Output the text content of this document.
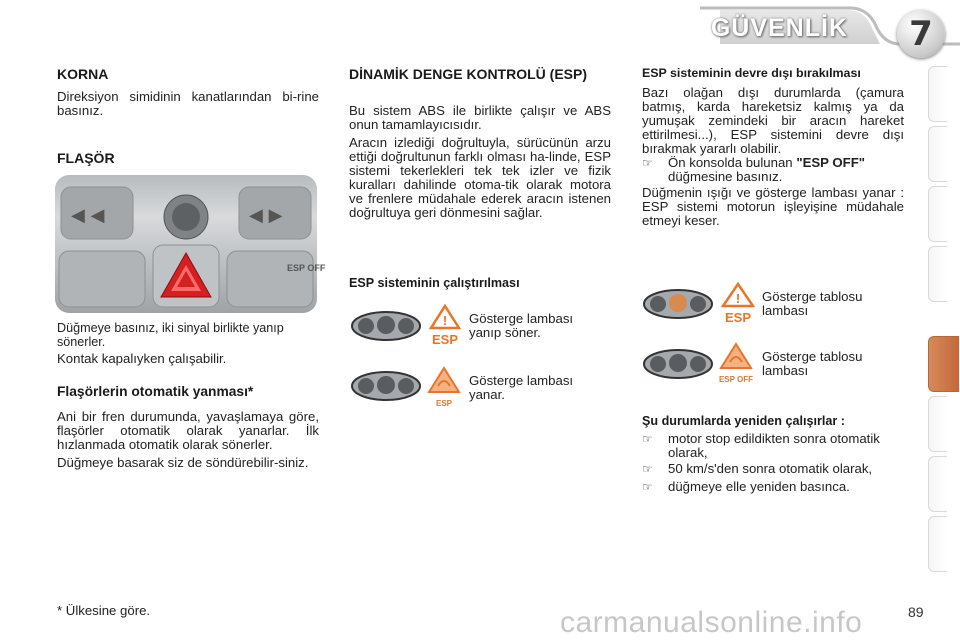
GÜVENLİK 7
KORNA
Direksiyon simidinin kanatlarından bi-rine basınız.
FLAŞÖR
◀ ◀	◀ ▶
ESP OFF
Düğmeye basınız, iki sinyal birlikte yanıp sönerler.
Kontak kapalıyken çalışabilir.
Flaşörlerin otomatik yanması*
Ani bir fren durumunda, yavaşlamaya göre, flaşörler otomatik olarak yanarlar. İlk hızlanmada otomatik olarak sönerler.
Düğmeye basarak siz de söndürebilir-siniz.
* Ülkesine göre.
DİNAMİK DENGE KONTROLÜ (ESP)
Bu sistem ABS ile birlikte çalışır ve ABS onun tamamlayıcısıdır.
Aracın izlediği doğrultuyla, sürücünün arzu ettiği doğrultunun farklı olması ha-linde, ESP sistemi tekerlekleri tek tek izler ve fizik kuralları dahilinde otoma-tik olarak motora ve frenlere müdahale ederek aracın istenen doğrultuya geri dönmesini sağlar.
ESP sisteminin çalıştırılması
!
ESP
Gösterge lambası yanıp söner.
ESP
Gösterge lambası yanar.
ESP sisteminin devre dışı bırakılması
Bazı olağan dışı durumlarda (çamura batmış, karda hareketsiz kalmış ya da yumuşak zemindeki bir aracın hareket ettirilmesi...), ESP sistemini devre dışı bırakmak yararlı olabilir.
☞	Ön konsolda bulunan "ESP OFF"
düğmesine basınız.
Düğmenin ışığı ve gösterge lambası yanar : ESP sistemi motorun işleyişine müdahale etmeyi keser.
!
ESP
Gösterge tablosu lambası
ESP OFF
Gösterge tablosu lambası
Şu durumlarda yeniden çalışırlar :
☞	motor stop edildikten sonra otomatik olarak,
☞	50 km/s'den sonra otomatik olarak,
☞	düğmeye elle yeniden basınca.
89
carmanualsonline.info
